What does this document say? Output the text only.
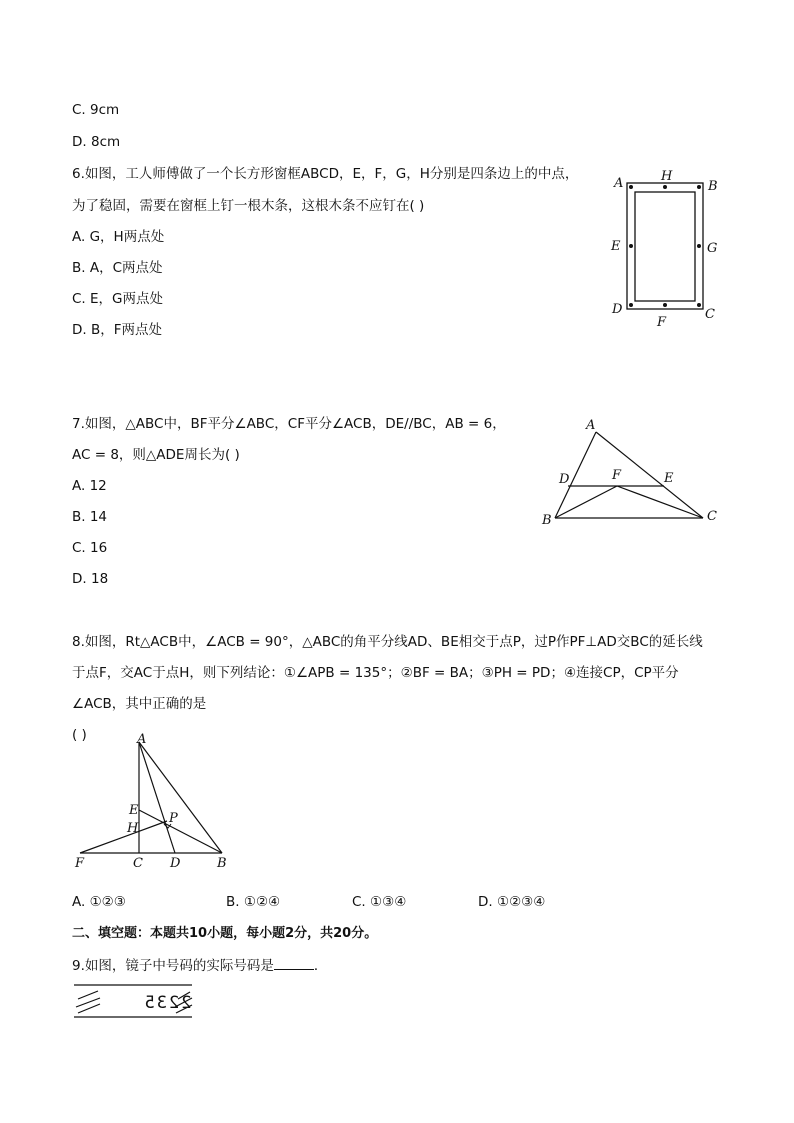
C. 9cm
D. 8cm
6.如图，工人师傅做了一个长方形窗框ABCD，E，F，G，H分别是四条边上的中点，
为了稳固，需要在窗框上钉一根木条，这根木条不应钉在( )
A. G，H两点处
B. A，C两点处
C. E，G两点处
D. B，F两点处
A	H
B
E	G
D
F
C
7.如图，△ABC中，BF平分∠ABC，CF平分∠ACB，DE//BC，AB = 6，
AC = 8，则△ADE周长为( )
A. 12
B. 14
C. 16
D. 18
A
D	F	E
B	C
8.如图，Rt△ACB中，∠ACB = 90°，△ABC的角平分线AD、BE相交于点P，过P作PF⊥AD交BC的延长线
于点F，交AC于点H，则下列结论：①∠APB = 135°；②BF = BA；③PH = PD；④连接CP，CP平分
∠ACB，其中正确的是
( )	A
E
H
P
F	C D	B
A. ①②③	B. ①②④	C. ①③④	D. ①②③④
二、填空题：本题共10小题，每小题2分，共20分。
9.如图，镜子中号码的实际号码是	．
2235
